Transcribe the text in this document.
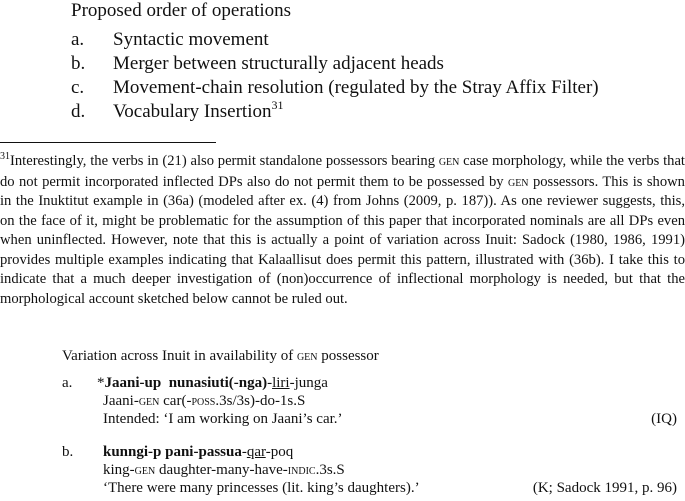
Proposed order of operations
a. Syntactic movement
b. Merger between structurally adjacent heads
c. Movement-chain resolution (regulated by the Stray Affix Filter)
d. Vocabulary Insertion$^{31}$

$^{31}$Interestingly, the verbs in (21) also permit standalone possessors bearing gen case morphology, while the verbs that do not permit incorporated inflected DPs also do not permit them to be possessed by gen possessors. This is shown in the Inuktitut example in (36a) (modeled after ex. (4) from Johns (2009, p. 187)). As one reviewer suggests, this, on the face of it, might be problematic for the assumption of this paper that incorporated nominals are all DPs even when uninflected. However, note that this is actually a point of variation across Inuit: Sadock (1980, 1986, 1991) provides multiple examples indicating that Kalaallisut does permit this pattern, illustrated with (36b). I take this to indicate that a much deeper investigation of (non)occurrence of inflectional morphology is needed, but that the morphological account sketched below cannot be ruled out.

Variation across Inuit in availability of gen possessor
a. *Jaani-up nunasiuti(-nga)-liri-junga
Jaani-gen car(-poss.3s/3s)-do-1s.S
Intended: ‘I am working on Jaani’s car.’	(IQ)
b. kunngi-p pani-passua-qar-poq
king-gen daughter-many-have-indic.3s.S
‘There were many princesses (lit. king’s daughters).’	(K; Sadock 1991, p. 96)
